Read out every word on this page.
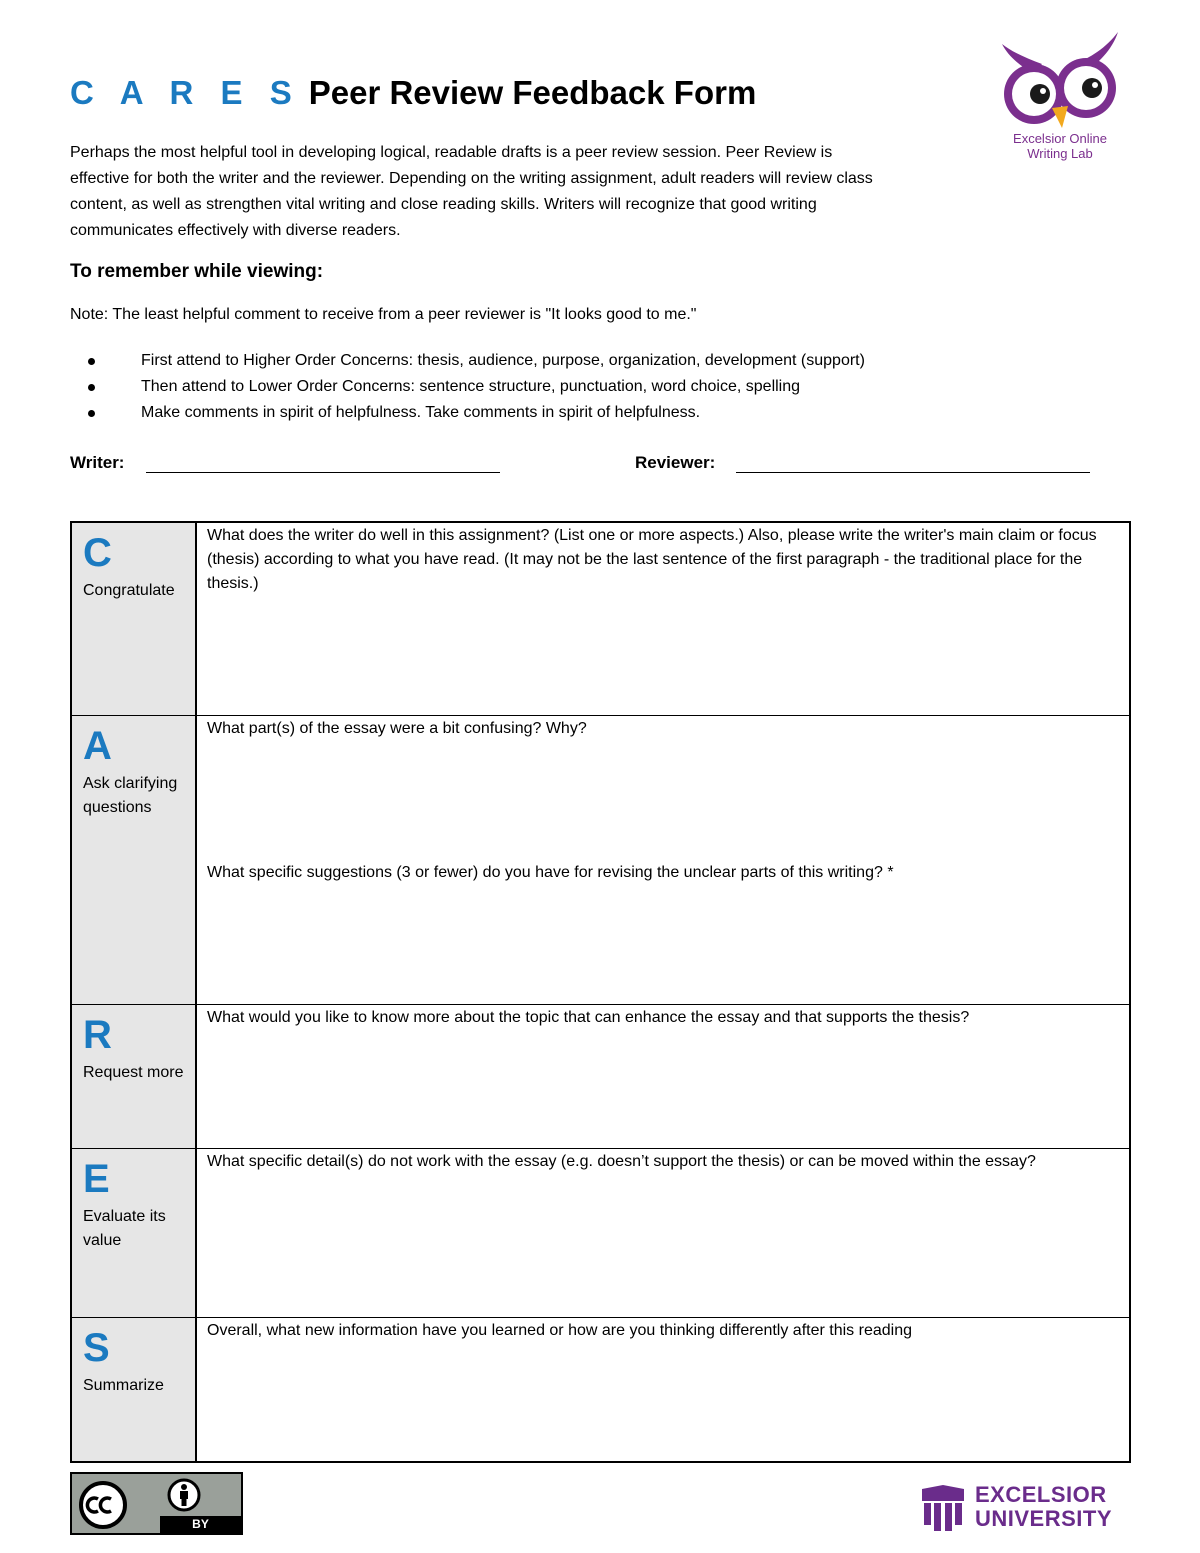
C A R E S Peer Review Feedback Form
Excelsior Online
Writing Lab

Perhaps the most helpful tool in developing logical, readable drafts is a peer review session. Peer Review is effective for both the writer and the reviewer. Depending on the writing assignment, adult readers will review class content, as well as strengthen vital writing and close reading skills. Writers will recognize that good writing communicates effectively with diverse readers.

To remember while viewing:
Note: The least helpful comment to receive from a peer reviewer is "It looks good to me."
First attend to Higher Order Concerns: thesis, audience, purpose, organization, development (support)
Then attend to Lower Order Concerns: sentence structure, punctuation, word choice, spelling
Make comments in spirit of helpfulness. Take comments in spirit of helpfulness.
Writer:	Reviewer:
C
Congratulate
What does the writer do well in this assignment? (List one or more aspects.) Also, please write the writer's main claim or focus (thesis) according to what you have read. (It may not be the last sentence of the first paragraph - the traditional place for the thesis.)
A
Ask clarifying questions
What part(s) of the essay were a bit confusing? Why?
What specific suggestions (3 or fewer) do you have for revising the unclear parts of this writing? *
R
Request more
What would you like to know more about the topic that can enhance the essay and that supports the thesis?
E
Evaluate its value
What specific detail(s) do not work with the essay (e.g. doesn’t support the thesis) or can be moved within the essay?
S
Summarize
Overall, what new information have you learned or how are you thinking differently after this reading
BY
EXCELSIOR
UNIVERSITY
